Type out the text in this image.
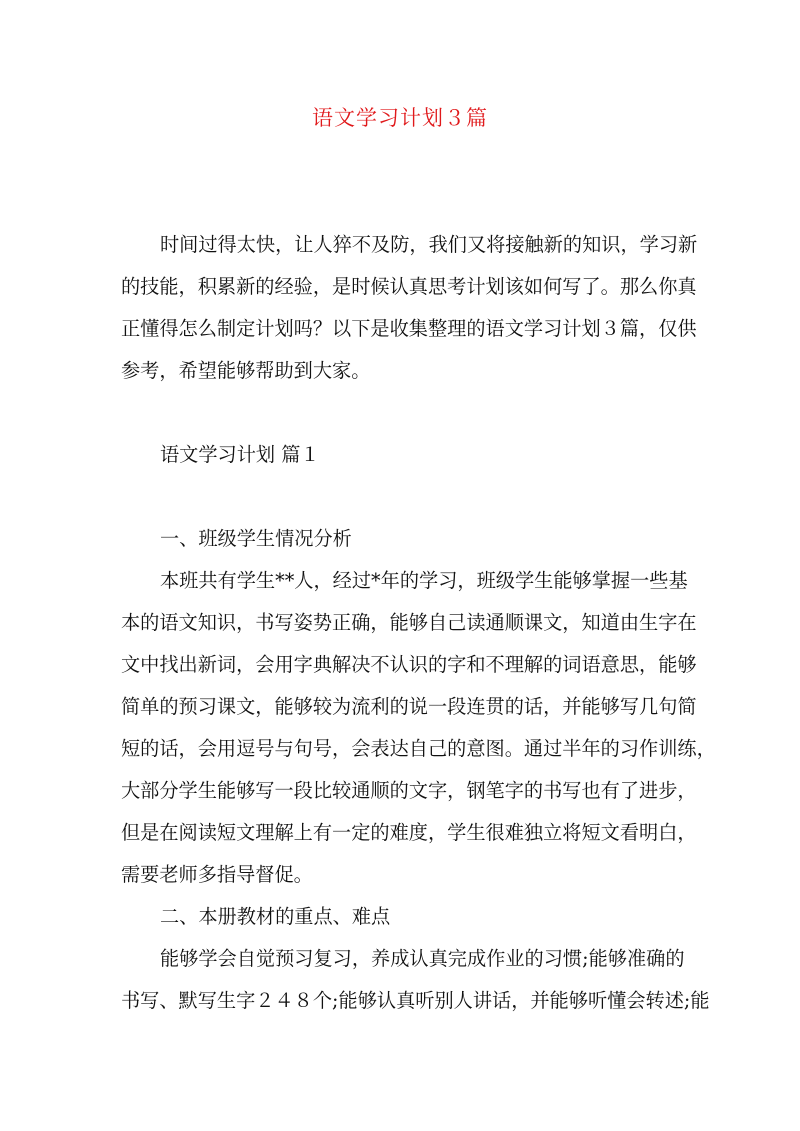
语文学习计划３篇
时间过得太快，让人猝不及防，我们又将接触新的知识，学习新
的技能，积累新的经验，是时候认真思考计划该如何写了。那么你真
正懂得怎么制定计划吗？以下是收集整理的语文学习计划３篇，仅供
参考，希望能够帮助到大家。
语文学习计划 篇１
一、班级学生情况分析
本班共有学生**人，经过*年的学习，班级学生能够掌握一些基
本的语文知识，书写姿势正确，能够自己读通顺课文，知道由生字在
文中找出新词，会用字典解决不认识的字和不理解的词语意思，能够
简单的预习课文，能够较为流利的说一段连贯的话，并能够写几句简
短的话，会用逗号与句号，会表达自己的意图。通过半年的习作训练，
大部分学生能够写一段比较通顺的文字，钢笔字的书写也有了进步，
但是在阅读短文理解上有一定的难度，学生很难独立将短文看明白，
需要老师多指导督促。
二、本册教材的重点、难点
能够学会自觉预习复习，养成认真完成作业的习惯;能够准确的
书写、默写生字２４８个;能够认真听别人讲话，并能够听懂会转述;能
